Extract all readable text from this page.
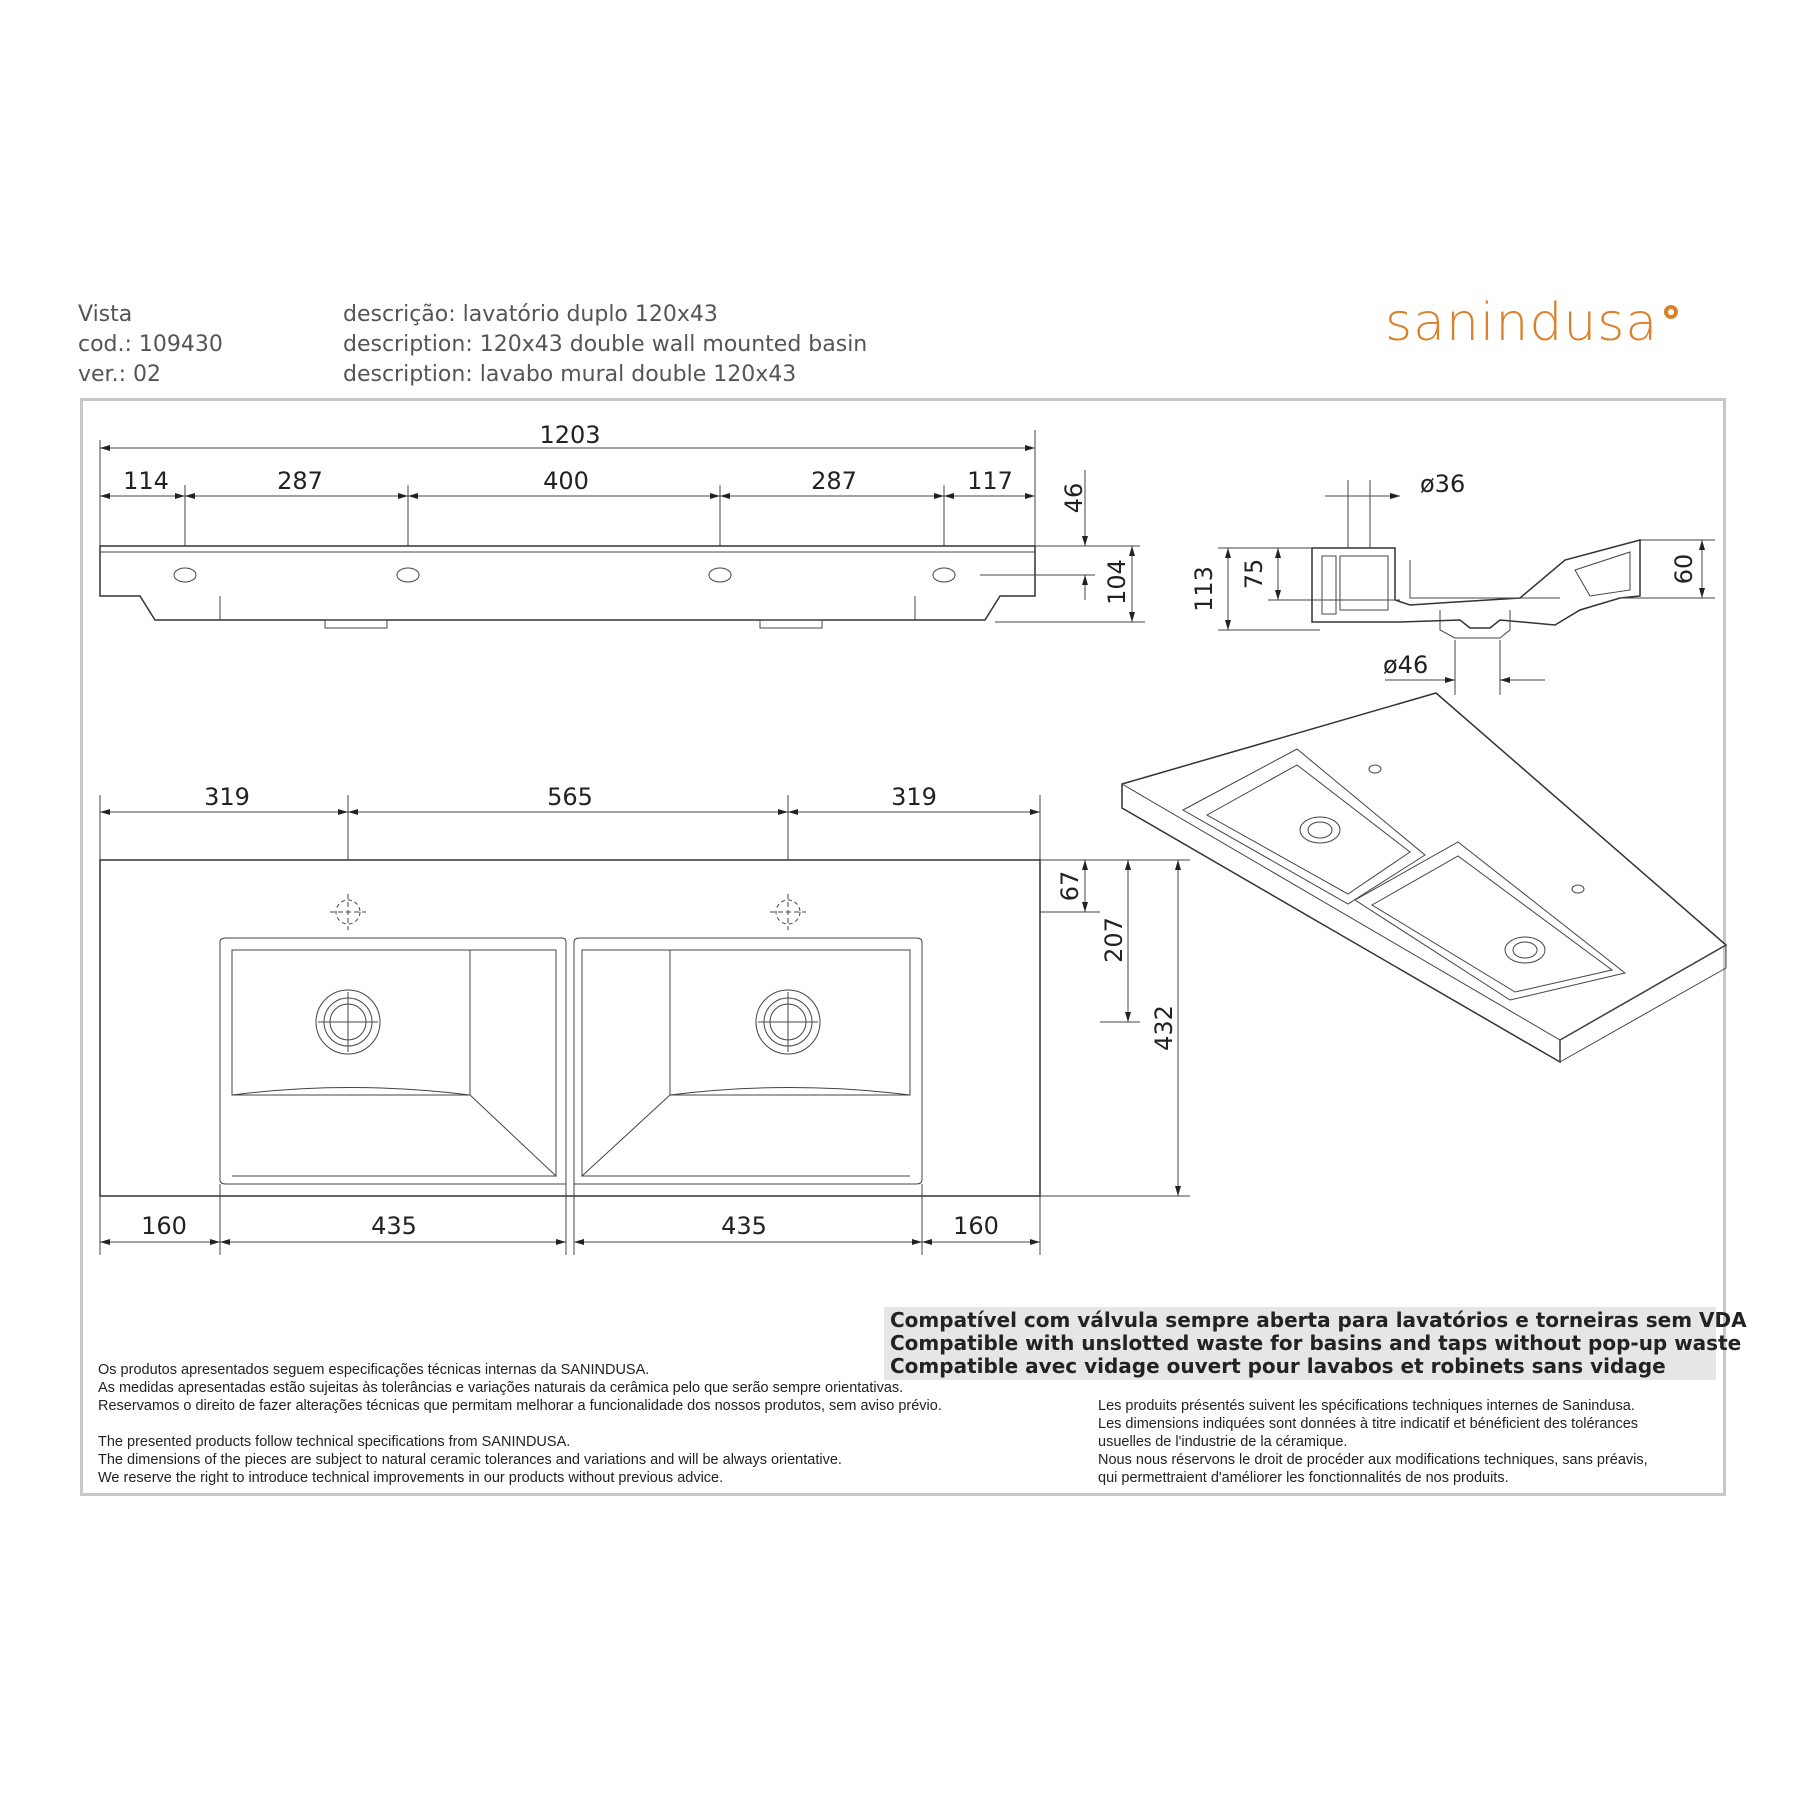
Vista
cod.: 109430
ver.: 02
descrição: lavatório duplo 120x43
description: 120x43 double wall mounted basin
description: lavabo mural double 120x43
sanindusa
1203
114	287	400	287	117
46
104
ø36
113 75	60
ø46
319	565	319
67
207
432
160	435	435	160
Compatível com válvula sempre aberta para lavatórios e torneiras sem VDA
Compatible with unslotted waste for basins and taps without pop-up waste
Compatible avec vidage ouvert pour lavabos et robinets sans vidage
Os produtos apresentados seguem especificações técnicas internas da SANINDUSA.
As medidas apresentadas estão sujeitas às tolerâncias e variações naturais da cerâmica pelo que serão sempre orientativas.
Reservamos o direito de fazer alterações técnicas que permitam melhorar a funcionalidade dos nossos produtos, sem aviso prévio.
The presented products follow technical specifications from SANINDUSA.
The dimensions of the pieces are subject to natural ceramic tolerances and variations and will be always orientative.
We reserve the right to introduce technical improvements in our products without previous advice.
Les produits présentés suivent les spécifications techniques internes de Sanindusa.
Les dimensions indiquées sont données à titre indicatif et bénéficient des tolérances
usuelles de l'industrie de la céramique.
Nous nous réservons le droit de procéder aux modifications techniques, sans préavis,
qui permettraient d'améliorer les fonctionnalités de nos produits.
